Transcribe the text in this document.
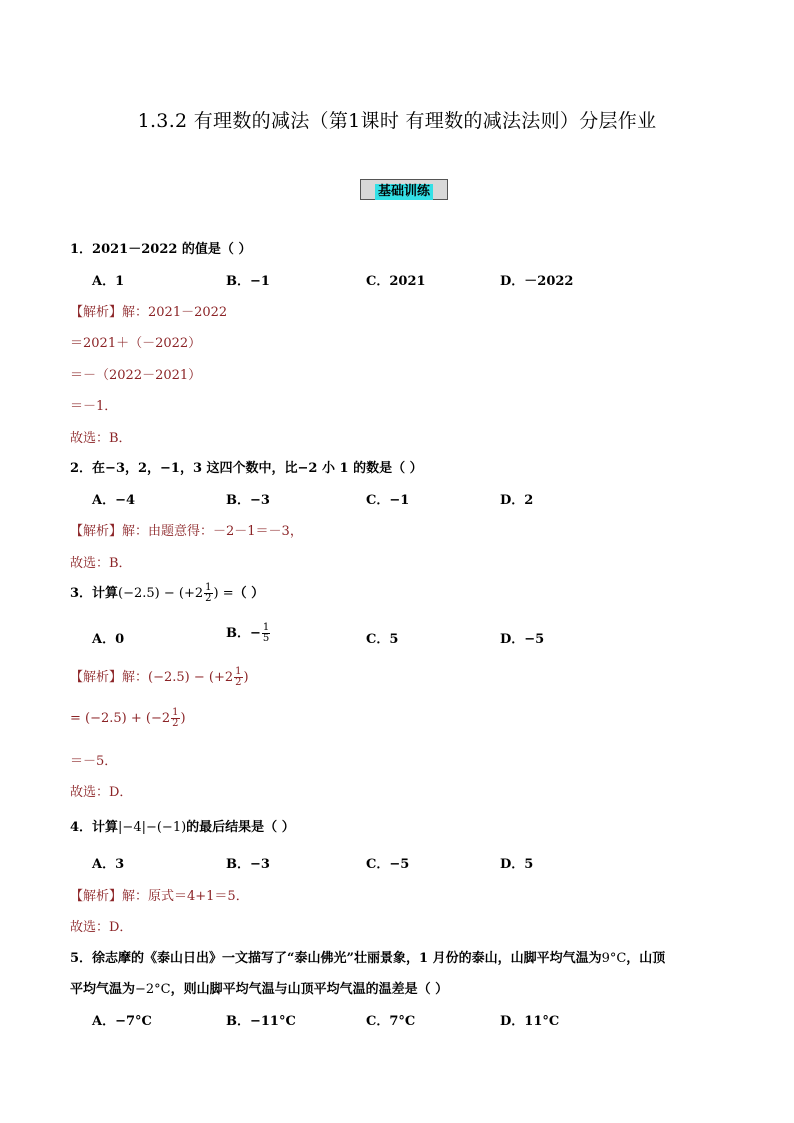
1.3.2 有理数的减法（第1课时 有理数的减法法则）分层作业
基础训练
1．2021－2022 的值是（ ）
A．1	B．−1	C．2021	D．－2022
【解析】解：2021－2022
＝2021＋（－2022）
＝－（2022－2021）
＝－1．
故选：B．
2．在−3，2，−1，3 这四个数中，比−2 小 1 的数是（ ）
A．−4	B．−3	C．−1	D．2
【解析】解：由题意得：－2－1＝－3，
故选：B．
3．计算$(-2.5) - (+2 \frac{1}{2}$ ) =（ ）
A．0	B．− $\frac{1}{5}$	C．5	D．−5
【解析】解：$(-2.5) - (+2 \frac{1}{2}$ )
= $(-2.5) + (-2 \frac{1}{2}$ )
＝－5．
故选：D．
4．计算|−4|−(−1)的最后结果是（ ）
A．3	B．−3	C．−5	D．5
【解析】解：原式＝4+1＝5．
故选：D．
5．徐志摩的《泰山日出》一文描写了“泰山佛光”壮丽景象，1 月份的泰山，山脚平均气温为9°C，山顶
平均气温为−2°C，则山脚平均气温与山顶平均气温的温差是（ ）
A．−7°C	B．−11°C	C．7°C	D．11°C
